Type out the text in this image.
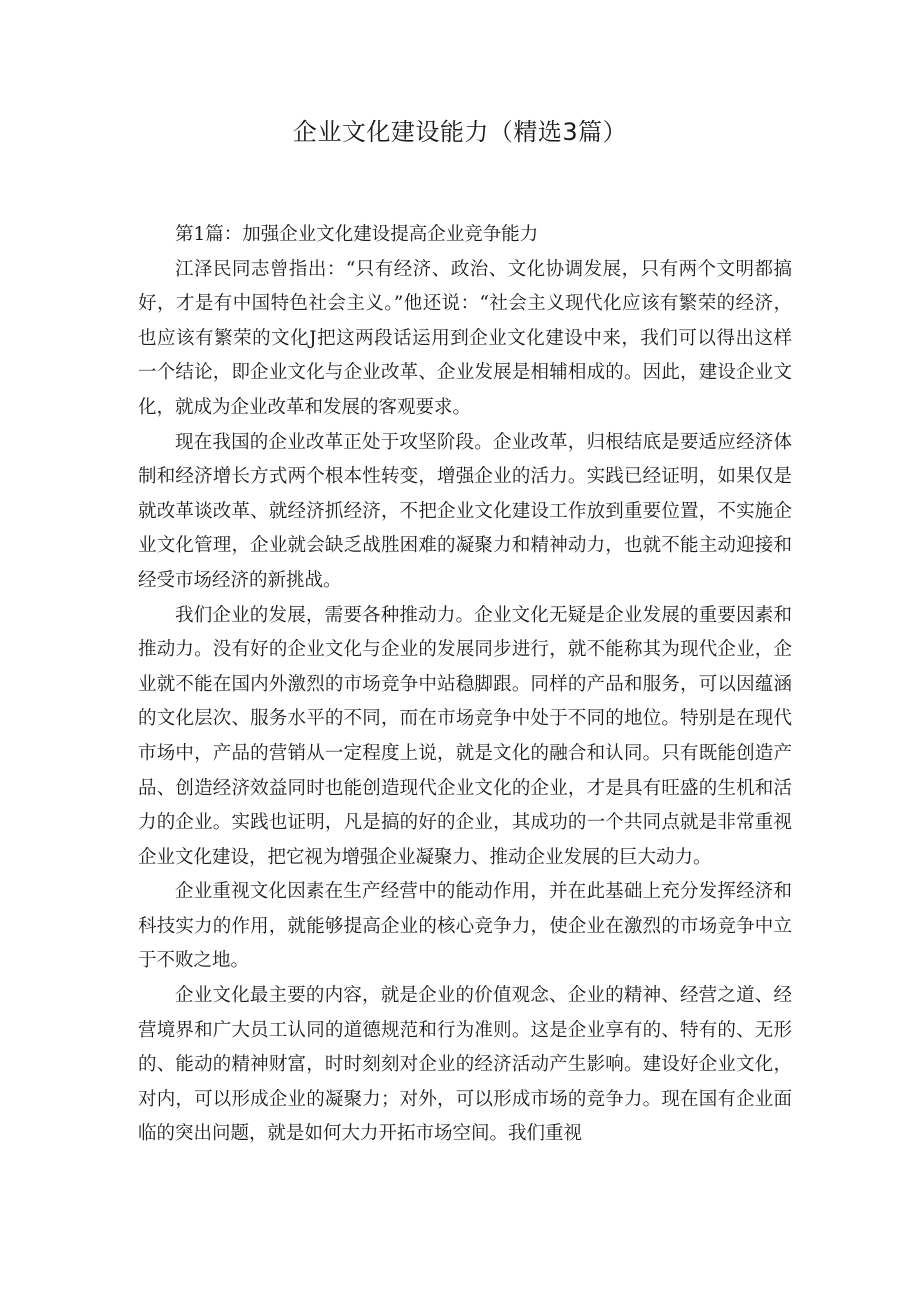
企业文化建设能力（精选3篇）

第1篇：加强企业文化建设提高企业竞争能力

江泽民同志曾指出：“只有经济、政治、文化协调发展，只有两个文明都搞好，才是有中国特色社会主义。”他还说：“社会主义现代化应该有繁荣的经济，也应该有繁荣的文化J把这两段话运用到企业文化建设中来，我们可以得出这样一个结论，即企业文化与企业改革、企业发展是相辅相成的。因此，建设企业文化，就成为企业改革和发展的客观要求。

现在我国的企业改革正处于攻坚阶段。企业改革，归根结底是要适应经济体制和经济增长方式两个根本性转变，增强企业的活力。实践已经证明，如果仅是就改革谈改革、就经济抓经济，不把企业文化建设工作放到重要位置，不实施企业文化管理，企业就会缺乏战胜困难的凝聚力和精神动力，也就不能主动迎接和经受市场经济的新挑战。

我们企业的发展，需要各种推动力。企业文化无疑是企业发展的重要因素和推动力。没有好的企业文化与企业的发展同步进行，就不能称其为现代企业，企业就不能在国内外激烈的市场竞争中站稳脚跟。同样的产品和服务，可以因蕴涵的文化层次、服务水平的不同，而在市场竞争中处于不同的地位。特别是在现代市场中，产品的营销从一定程度上说，就是文化的融合和认同。只有既能创造产品、创造经济效益同时也能创造现代企业文化的企业，才是具有旺盛的生机和活力的企业。实践也证明，凡是搞的好的企业，其成功的一个共同点就是非常重视企业文化建设，把它视为增强企业凝聚力、推动企业发展的巨大动力。

企业重视文化因素在生产经营中的能动作用，并在此基础上充分发挥经济和科技实力的作用，就能够提高企业的核心竞争力，使企业在激烈的市场竞争中立于不败之地。

企业文化最主要的内容，就是企业的价值观念、企业的精神、经营之道、经营境界和广大员工认同的道德规范和行为准则。这是企业享有的、特有的、无形的、能动的精神财富，时时刻刻对企业的经济活动产生影响。建设好企业文化，对内，可以形成企业的凝聚力；对外，可以形成市场的竞争力。现在国有企业面临的突出问题，就是如何大力开拓市场空间。我们重视
